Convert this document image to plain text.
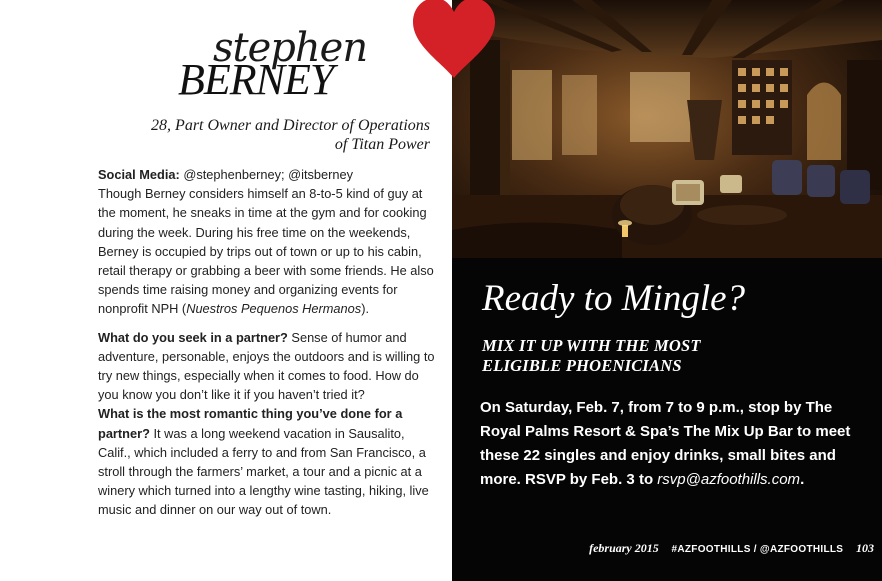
stephen
BERNEY
28, Part Owner and Director of Operations
of Titan Power

Social Media: @stephenberney; @itsberney

Though Berney considers himself an 8-to-5 kind of guy at the moment, he sneaks in time at the gym and for cooking during the week. During his free time on the weekends, Berney is occupied by trips out of town or up to his cabin, retail therapy or grabbing a beer with some friends. He also spends time raising money and organizing events for nonprofit NPH (Nuestros Pequenos Hermanos).

What do you seek in a partner? Sense of humor and adventure, personable, enjoys the outdoors and is willing to try new things, especially when it comes to food. How do you know you don’t like it if you haven’t tried it?

What is the most romantic thing you’ve done for a partner? It was a long weekend vacation in Sausalito, Calif., which included a ferry to and from San Francisco, a stroll through the farmers’ market, a tour and a picnic at a winery which turned into a lengthy wine tasting, hiking, live music and dinner on our way out of town.

Ready to Mingle?
MIX IT UP WITH THE MOST
ELIGIBLE PHOENICIANS
On Saturday, Feb. 7, from 7 to 9 p.m., stop by The Royal Palms Resort & Spa’s The Mix Up Bar to meet these 22 singles and enjoy drinks, small bites and more. RSVP by Feb. 3 to rsvp@azfoothills.com.
february 2015 #AZFOOTHILLS / @AZFOOTHILLS 103
